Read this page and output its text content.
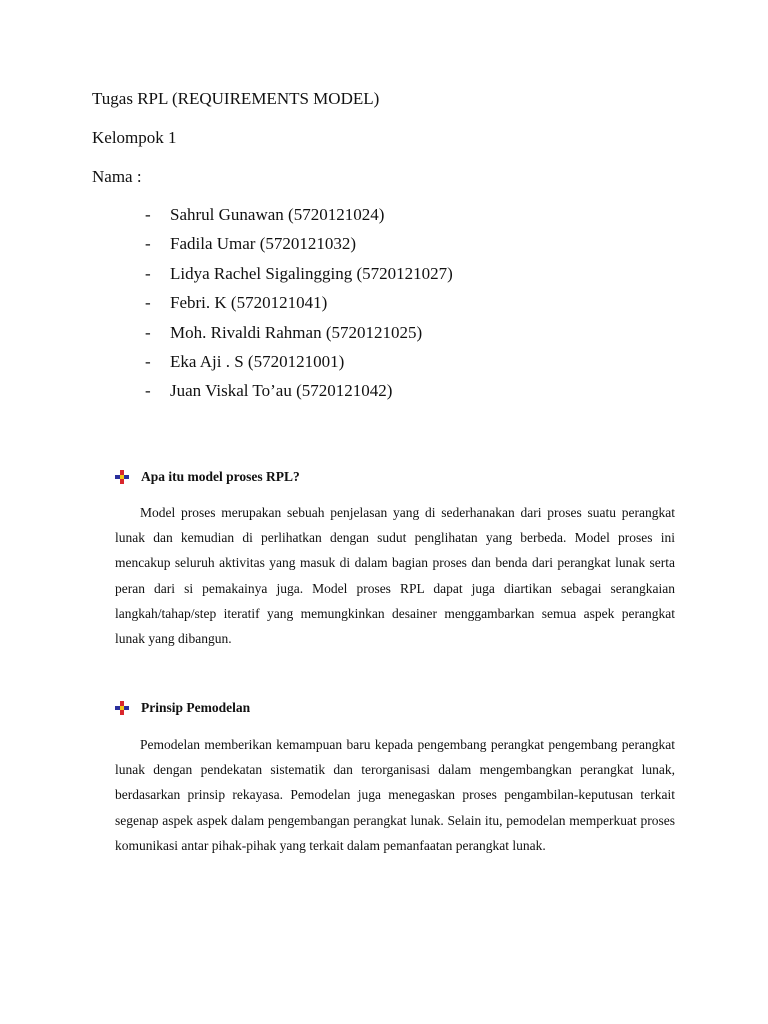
Tugas RPL (REQUIREMENTS MODEL)
Kelompok 1
Nama :
-	Sahrul Gunawan (5720121024)
-	Fadila Umar (5720121032)
-	Lidya Rachel Sigalingging (5720121027)
-	Febri. K (5720121041)
-	Moh. Rivaldi Rahman (5720121025)
-	Eka Aji . S (5720121001)
-	Juan Viskal To’au (5720121042)
Apa itu model proses RPL?

Model proses merupakan sebuah penjelasan yang di sederhanakan dari proses suatu perangkat lunak dan kemudian di perlihatkan dengan sudut penglihatan yang berbeda. Model proses ini mencakup seluruh aktivitas yang masuk di dalam bagian proses dan benda dari perangkat lunak serta peran dari si pemakainya juga. Model proses RPL dapat juga diartikan sebagai serangkaian langkah/tahap/step iteratif yang memungkinkan desainer menggambarkan semua aspek perangkat lunak yang dibangun.

Prinsip Pemodelan

Pemodelan memberikan kemampuan baru kepada pengembang perangkat pengembang perangkat lunak dengan pendekatan sistematik dan terorganisasi dalam mengembangkan perangkat lunak, berdasarkan prinsip rekayasa. Pemodelan juga menegaskan proses pengambilan-keputusan terkait segenap aspek aspek dalam pengembangan perangkat lunak. Selain itu, pemodelan memperkuat proses komunikasi antar pihak-pihak yang terkait dalam pemanfaatan perangkat lunak.
